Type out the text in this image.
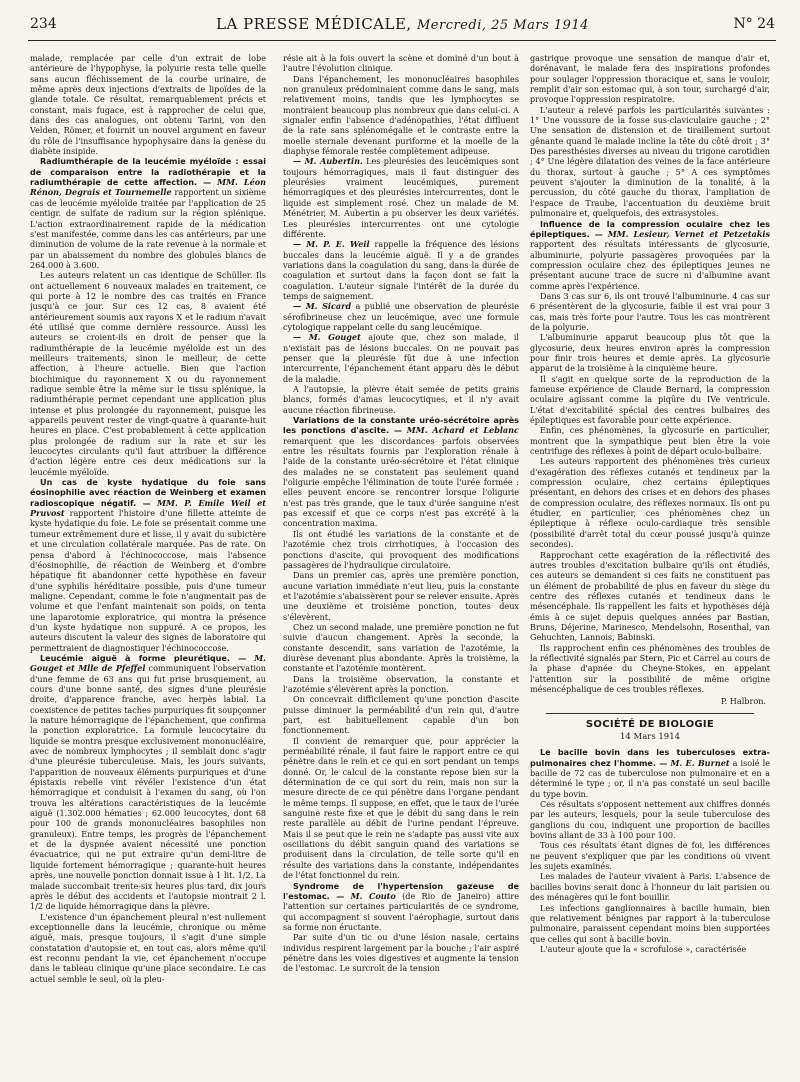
234	LA PRESSE MÉDICALE, Mercredi, 25 Mars 1914	N° 24

malade, remplacée par celle d'un extrait de lobe antérieure de l'hypophyse, la polyurie resta telle quelle sans aucun fléchissement de la courbe urinaire, de même après deux injections d'extraits de lipoïdes de la glande totale. Ce résultat, remarquablement précis et constant, mais fugace, est à rapprocher de celui que, dans des cas analogues, ont obtenu Tarini, von den Velden, Römer, et fournit un nouvel argument en faveur du rôle de l'insuffisance hypophysaire dans la genèse du diabète insipide.

Radiumthérapie de la leucémie myéloïde : essai de comparaison entre la radiothérapie et la radiumthérapie de cette affection. — MM. Léon Rénon, Degrais et Tournemelle rapportent un sixième cas de leucémie myéloïde traitée par l'application de 25 centigr. de sulfate de radium sur la région splénique. L'action extraordinairement rapide de la médication s'est manifestée, comme dans les cas antérieurs, par une diminution de volume de la rate revenue à la normale et par un abaissement du nombre des globules blancs de 264.000 à 3.600.

Les auteurs relatent un cas identique de Schüller. Ils ont actuellement 6 nouveaux malades en traitement, ce qui porte à 12 le nombre des cas traités en France jusqu'à ce jour. Sur ces 12 cas, 8 avaient été antérieurement soumis aux rayons X et le radium n'avait été utilisé que comme dernière ressource. Aussi les auteurs se croient-ils en droit de penser que la radiumthérapie de la leucémie myéloïde est un des meilleurs traitements, sinon le meilleur, de cette affection, à l'heure actuelle. Bien que l'action biochimique du rayonnement X ou du rayonnement radique semble être la même sur le tissu splénique, la radiumthérapie permet cependant une application plus intense et plus prolongée du rayonnement, puisque les appareils peuvent rester de vingt-quatre à quarante-huit heures en place. C'est probablement à cette application plus prolongée de radium sur la rate et sur les leucocytes circulants qu'il faut attribuer la différence d'action légère entre ces deux médications sur la leucémie myéloïde.

Un cas de kyste hydatique du foie sans éosinophilie avec réaction de Weinberg et examen radioscopique négatif. — MM. P. Emile Weil et Pruvost rapportent l'histoire d'une fillette atteinte de kyste hydatique du foie. Le foie se présentait comme une tumeur extrêmement dure et lisse, il y avait du subictère et une circulation collatérale marquée. Pas de rate. On pensa d'abord à l'échinococcose, mais l'absence d'éosinophilie, de réaction de Weinberg et d'ombre hépatique fit abandonner cette hypothèse en faveur d'une syphilis héréditaire possible, puis d'une tumeur maligne. Cependant, comme le foie n'augmentait pas de volume et que l'enfant maintenait son poids, on tenta une laparotomie exploratrice, qui montra la présence d'un kyste hydatique non suppuré. A ce propos, les auteurs discutent la valeur des signes de laboratoire qui permettraient de diagnostiquer l'échinococcose.

Leucémie aiguë à forme pleurétique. — M. Gouget et Mlle de Pfeffel communiquent l'observation d'une femme de 63 ans qui fut prise brusquement, au cours d'une bonne santé, des signes d'une pleurésie droite, d'apparence franche, avec herpès labial. La coexistence de petites taches purpuriques fit soupçonner la nature hémorragique de l'épanchement, que confirma la ponction exploratrice. La formule leucocytaire du liquide se montra presque exclusivement mononucléaire, avec de nombreux lymphocytes ; il semblait donc s'agir d'une pleurésie tuberculeuse. Mais, les jours suivants, l'apparition de nouveaux éléments purpuriques et d'une épistaxis rebelle vint révéler l'existence d'un état hémorragique et conduisit à l'examen du sang, où l'on trouva les altérations caractéristiques de la leucémie aiguë (1.302.000 hématies ; 62.000 leucocytes, dont 68 pour 100 de grands mononucléaires basophiles non granuleux). Entre temps, les progrès de l'épanchement et de la dyspnée avaient nécessité une ponction évacuatrice, qui ne put extraire qu'un demi-litre de liquide fortement hémorragique ; quarante-huit heures après, une nouvelle ponction donnait issue à 1 lit. 1/2. La malade succombait trente-six heures plus tard, dix jours après le début des accidents et l'autopsie montrait 2 l. 1/2 de liquide hémorragique dans la plèvre.

L'existence d'un épanchement pleural n'est nullement exceptionnelle dans la leucémie, chronique ou même aiguë, mais, presque toujours, il s'agit d'une simple constatation d'autopsie et, en tout cas, alors même qu'il est reconnu pendant la vie, cet épanchement n'occupe dans le tableau clinique qu'une place secondaire. Le cas actuel semble le seul, où la pleu-

résie ait à la fois ouvert la scène et dominé d'un bout à l'autre l'évolution clinique.

Dans l'épanchement, les mononucléaires basophiles non granuleux prédominaient comme dans le sang, mais relativement moins, tandis que les lymphocytes se montraient beaucoup plus nombreux que dans celui-ci. A signaler enfin l'absence d'adénopathies, l'état diffluent de la rate sans splénomégalie et le contraste entre la moelle sternale devenant puriforme et la moelle de la diaphyse fémorale restée complètement adipeuse.

— M. Aubertin. Les pleurésies des leucémiques sont toujours hémorragiques, mais il faut distinguer des pleurésies vraiment leucémiques, purement hémorragiques et des pleurésies intercurrentes, dont le liquide est simplement rosé. Chez un malade de M. Ménétrier, M. Aubertin a pu observer les deux variétés. Les pleurésies intercurrentes ont une cytologie différente.

— M. P. E. Weil rappelle la fréquence des lésions buccales dans la leucémie aiguë. Il y a de grandes variations dans la coagulation du sang, dans la durée de coagulation et surtout dans la façon dont se fait la coagulation. L'auteur signale l'intérêt de la durée du temps de saignement.

— M. Sicard a publié une observation de pleurésie sérofibrineuse chez un leucémique, avec une formule cytologique rappelant celle du sang leucémique.

— M. Gouget ajoute que, chez son malade, il n'existait pas de lésions buccales. On ne pouvait pas penser que la pleurésie fût due à une infection intercurrente, l'épanchement étant apparu dès le début de la maladie.

A l'autopsie, la plèvre était semée de petits grains blancs, formés d'amas leucocytiques, et il n'y avait aucune réaction fibrineuse.

Variations de la constante uréo-sécrétoire après les ponctions d'ascite. — MM. Achard et Leblanc remarquent que les discordances parfois observées entre les résultats fournis par l'exploration rénale à l'aide de la constante uréo-sécrétoire et l'état clinique des malades ne se constatent pas seulement quand l'oligurie empêche l'élimination de toute l'urée formée : elles peuvent encore se rencontrer lorsque l'oligurie n'est pas très grande, que le taux d'urée sanguine n'est pas excessif et que ce corps n'est pas excrété à la concentration maxima.

Ils ont étudié les variations de la constante et de l'azotémie chez trois cirrhotiques, à l'occasion des ponctions d'ascite, qui provoquent des modifications passagères de l'hydraulique circulatoire.

Dans un premier cas, après une première ponction, aucune variation immédiate n'eut lieu, puis la constante et l'azotémie s'abaissèrent pour se relever ensuite. Après une deuxième et troisième ponction, toutes deux s'élevèrent.

Chez un second malade, une première ponction ne fut suivie d'aucun changement. Après la seconde, la constante descendit, sans variation de l'azotémie, la diurèse devenant plus abondante. Après la troisième, la constante et l'azotémie montèrent.

Dans la troisième observation, la constante et l'azotémie s'élevèrent après la ponction.

On concevrait difficilement qu'une ponction d'ascite puisse diminuer la perméabilité d'un rein qui, d'autre part, est habituellement capable d'un bon fonctionnement.

Il convient de remarquer que, pour apprécier la perméabilité rénale, il faut faire le rapport entre ce qui pénètre dans le rein et ce qui en sort pendant un temps donné. Or, le calcul de la constante repose bien sur la détermination de ce qui sort du rein, mais non sur la mesure directe de ce qui pénètre dans l'organe pendant le même temps. Il suppose, en effet, que le taux de l'urée sanguine reste fixe et que le débit du sang dans le rein reste parallèle au débit de l'urine pendant l'épreuve. Mais il se peut que le rein ne s'adapte pas aussi vite aux oscillations du débit sanguin quand des variations se produisent dans la circulation, de telle sorte qu'il en résulte des variations dans la constante, indépendantes de l'état fonctionnel du rein.

Syndrome de l'hypertension gazeuse de l'estomac. — M. Couto (de Rio de Janeiro) attire l'attention sur certaines particularités de ce syndrome, qui accompagnent si souvent l'aérophagie, surtout dans sa forme non éructante.

Par suite d'un tic ou d'une lésion nasale, certains individus respirent largement par la bouche ; l'air aspiré pénètre dans les voies digestives et augmente la tension de l'estomac. Le surcroît de la tension

gastrique provoque une sensation de manque d'air et, dorénavant, le malade fera des inspirations profondes pour soulager l'oppression thoracique et, sans le vouloir, remplit d'air son estomac qui, à son tour, surchargé d'air, provoque l'oppression respiratoire.

L'auteur a relevé parfois les particularités suivantes : 1° Une voussure de la fosse sus-claviculaire gauche ; 2° Une sensation de distension et de tiraillement surtout gênante quand le malade incline la tête du côté droit ; 3° Des paresthésies diverses au niveau du trigone carotidien ; 4° Une légère dilatation des veines de la face antérieure du thorax, surtout à gauche ; 5° A ces symptômes peuvent s'ajouter la diminution de la tonalité, à la percussion, du côté gauche du thorax, l'ampliation de l'espace de Traube, l'accentuation du deuxième bruit pulmonaire et, quelquefois, des extrasystoles.

Influence de la compression oculaire chez les épileptiques. — MM. Lesieur, Vernet et Petzetakis rapportent des résultats intéressants de glycosurie, albuminurie, polyurie passagères provoquées par la compression oculaire chez des épileptiques jeunes ne présentant aucune trace de sucre ni d'albumine avant comme après l'expérience.

Dans 3 cas sur 6, ils ont trouvé l'albuminurie. 4 cas sur 6 présentèrent de la glycosurie, faible il est vrai pour 3 cas, mais très forte pour l'autre. Tous les cas montrèrent de la polyurie.

L'albuminurie apparut beaucoup plus tôt que la glycosurie, deux heures environ après la compression pour finir trois heures et demie après. La glycosurie apparut de la troisième à la cinquième heure.

Il s'agit en quelque sorte de la reproduction de la fameuse expérience de Claude Bernard, la compression oculaire agissant comme la piqûre du IVe ventricule. L'état d'excitabilité spécial des centres bulbaires des épileptiques est favorable pour cette expérience.

Enfin, ces phénomènes, la glycosurie en particulier, montrent que la sympathique peut bien être la voie centrifuge des réflexes à point de départ oculo-bulbaire.

Les auteurs rapportent des phénomènes très curieux d'exagération des réflexes cutanés et tendineux par la compression oculaire, chez certains épileptiques présentant, en dehors des crises et en dehors des phases de compression oculaire, des réflexes normaux. Ils ont pu étudier, en particulier, ces phénomènes chez un épileptique à réflexe oculo-cardiaque très sensible (possibilité d'arrêt total du cœur poussé jusqu'à quinze secondes).

Rapprochant cette exagération de la réflectivité des autres troubles d'excitation bulbaire qu'ils ont étudiés, ces auteurs se demandent si ces faits ne constituent pas un élément de probabilité de plus en faveur du siège du centre des réflexes cutanés et tendineux dans le mésencéphale. Ils rappellent les faits et hypothèses déjà émis à ce sujet depuis quelques années par Bastian, Bruns, Déjerine, Marinesco, Mendelsohn, Rosenthal, van Gehuchten, Lannois, Babinski.

Ils rapprochent enfin ces phénomènes des troubles de la réflectivité signalés par Stern, Pic et Carrel au cours de la phase d'apnée du Cheyne-Stokes, en appelant l'attention sur la possibilité de même origine mésencéphalique de ces troubles réflexes.

P. Halbron.
SOCIÉTÉ DE BIOLOGIE
14 Mars 1914

Le bacille bovin dans les tuberculoses extra-pulmonaires chez l'homme. — M. E. Burnet a isolé le bacille de 72 cas de tuberculose non pulmonaire et en a déterminé le type ; or, il n'a pas constaté un seul bacille du type bovin.

Ces résultats s'opposent nettement aux chiffres donnés par les auteurs, lesquels, pour la seule tuberculose des ganglions du cou, indiquent une proportion de bacilles bovins allant de 33 à 100 pour 100.

Tous ces résultats étant dignes de foi, les différences ne peuvent s'expliquer que par les conditions où vivent les sujets examinés.

Les malades de l'auteur vivaient à Paris. L'absence de bacilles bovins serait donc à l'honneur du lait parisien ou des ménagères qui le font bouillir.

Les infections ganglionnaires à bacille humain, bien que relativement bénignes par rapport à la tuberculose pulmonaire, paraissent cependant moins bien supportées que celles qui sont à bacille bovin.

L'auteur ajoute que la « scrofulose », caractérisée
